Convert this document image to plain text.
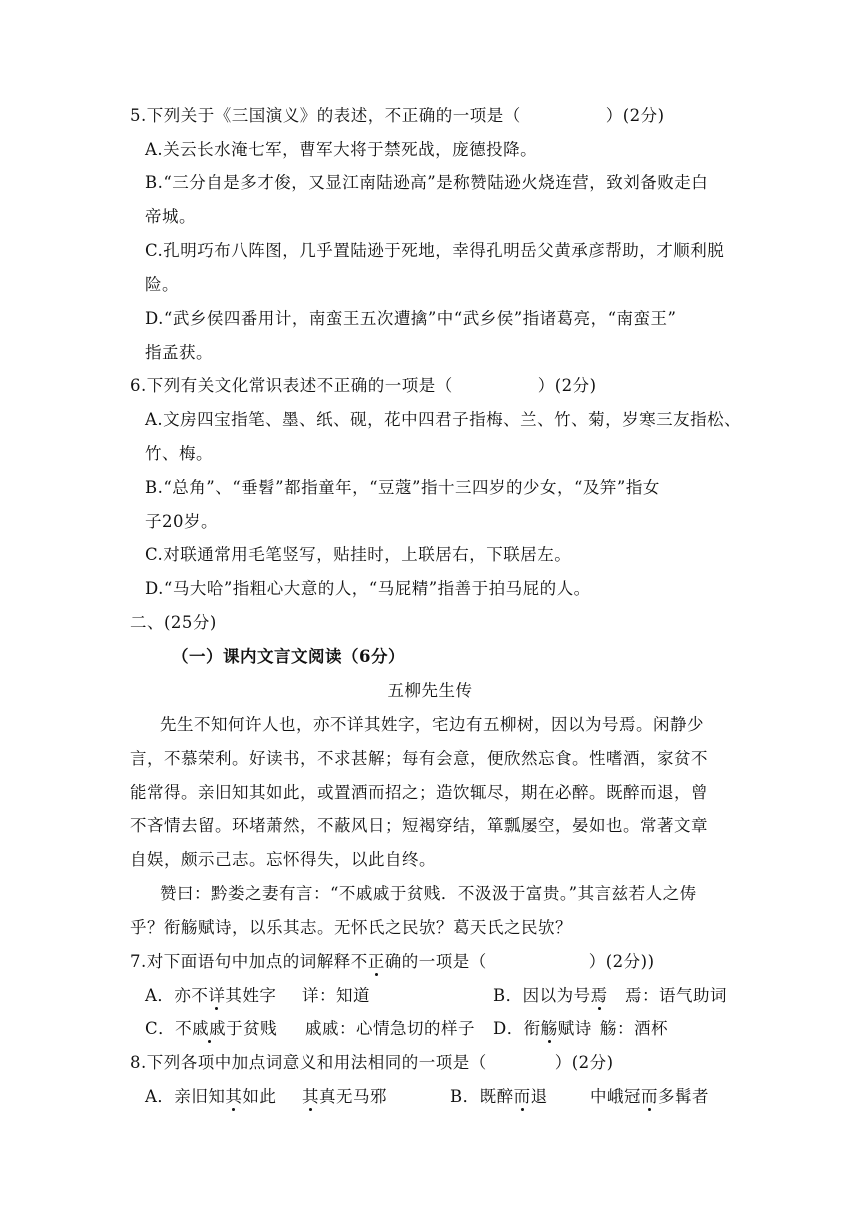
5.下列关于《三国演义》的表述，不正确的一项是（　　　　　）(2分)
A.关云长水淹七军，曹军大将于禁死战，庞德投降。
B.“三分自是多才俊，又显江南陆逊高”是称赞陆逊火烧连营，致刘备败走白
帝城。
C.孔明巧布八阵图，几乎置陆逊于死地，幸得孔明岳父黄承彦帮助，才顺利脱
险。
D.“武乡侯四番用计，南蛮王五次遭擒”中“武乡侯”指诸葛亮，“南蛮王”
指孟获。
6.下列有关文化常识表述不正确的一项是（　　　　　）(2分)
A.文房四宝指笔、墨、纸、砚，花中四君子指梅、兰、竹、菊，岁寒三友指松、
竹、梅。
B.“总角”、“垂髫”都指童年，“豆蔻”指十三四岁的少女，“及笄”指女
子20岁。
C.对联通常用毛笔竖写，贴挂时，上联居右，下联居左。
D.“马大哈”指粗心大意的人，“马屁精”指善于拍马屁的人。
二、(25分)
（一）课内文言文阅读（6分）
五柳先生传
先生不知何许人也，亦不详其姓字，宅边有五柳树，因以为号焉。闲静少
言，不慕荣利。好读书，不求甚解；每有会意，便欣然忘食。性嗜酒，家贫不
能常得。亲旧知其如此，或置酒而招之；造饮辄尽，期在必醉。既醉而退，曾
不吝情去留。环堵萧然，不蔽风日；短褐穿结，箪瓢屡空，晏如也。常著文章
自娱，颇示己志。忘怀得失，以此自终。
赞曰：黔娄之妻有言：“不戚戚于贫贱．不汲汲于富贵。”其言兹若人之俦
乎？衔觞赋诗，以乐其志。无怀氏之民欤？葛天氏之民欤？
7.对下面语句中加点的词解释不正确的一项是（　　　　　　）(2分))
A．亦不详其姓字 详：知道	B．因以为号焉 焉：语气助词
C．不戚戚于贫贱 戚戚：心情急切的样子 D．衔觞赋诗 觞：酒杯
8.下列各项中加点词意义和用法相同的一项是（　　　　）(2分)
A．亲旧知其如此 其真无马邪	B．既醉而退	中峨冠而多髯者
